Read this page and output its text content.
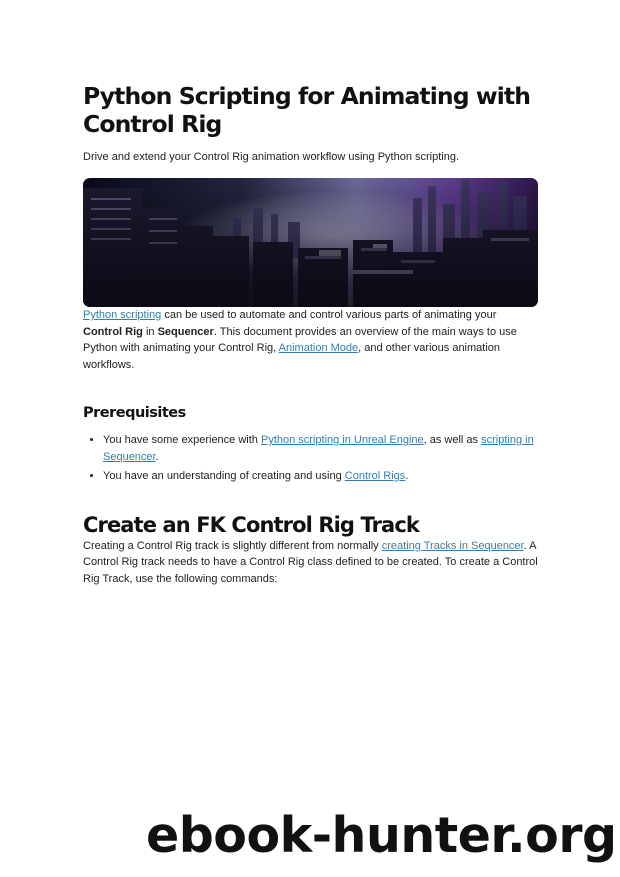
Python Scripting for Animating with Control Rig
Drive and extend your Control Rig animation workflow using Python scripting.

Python scripting can be used to automate and control various parts of animating your Control Rig in Sequencer. This document provides an overview of the main ways to use Python with animating your Control Rig, Animation Mode, and other various animation workflows.

Prerequisites
• You have some experience with Python scripting in Unreal Engine, as well as scripting in Sequencer.
• You have an understanding of creating and using Control Rigs.
Create an FK Control Rig Track

Creating a Control Rig track is slightly different from normally creating Tracks in Sequencer. A Control Rig track needs to have a Control Rig class defined to be created. To create a Control Rig Track, use the following commands:

ebook-hunter.org
